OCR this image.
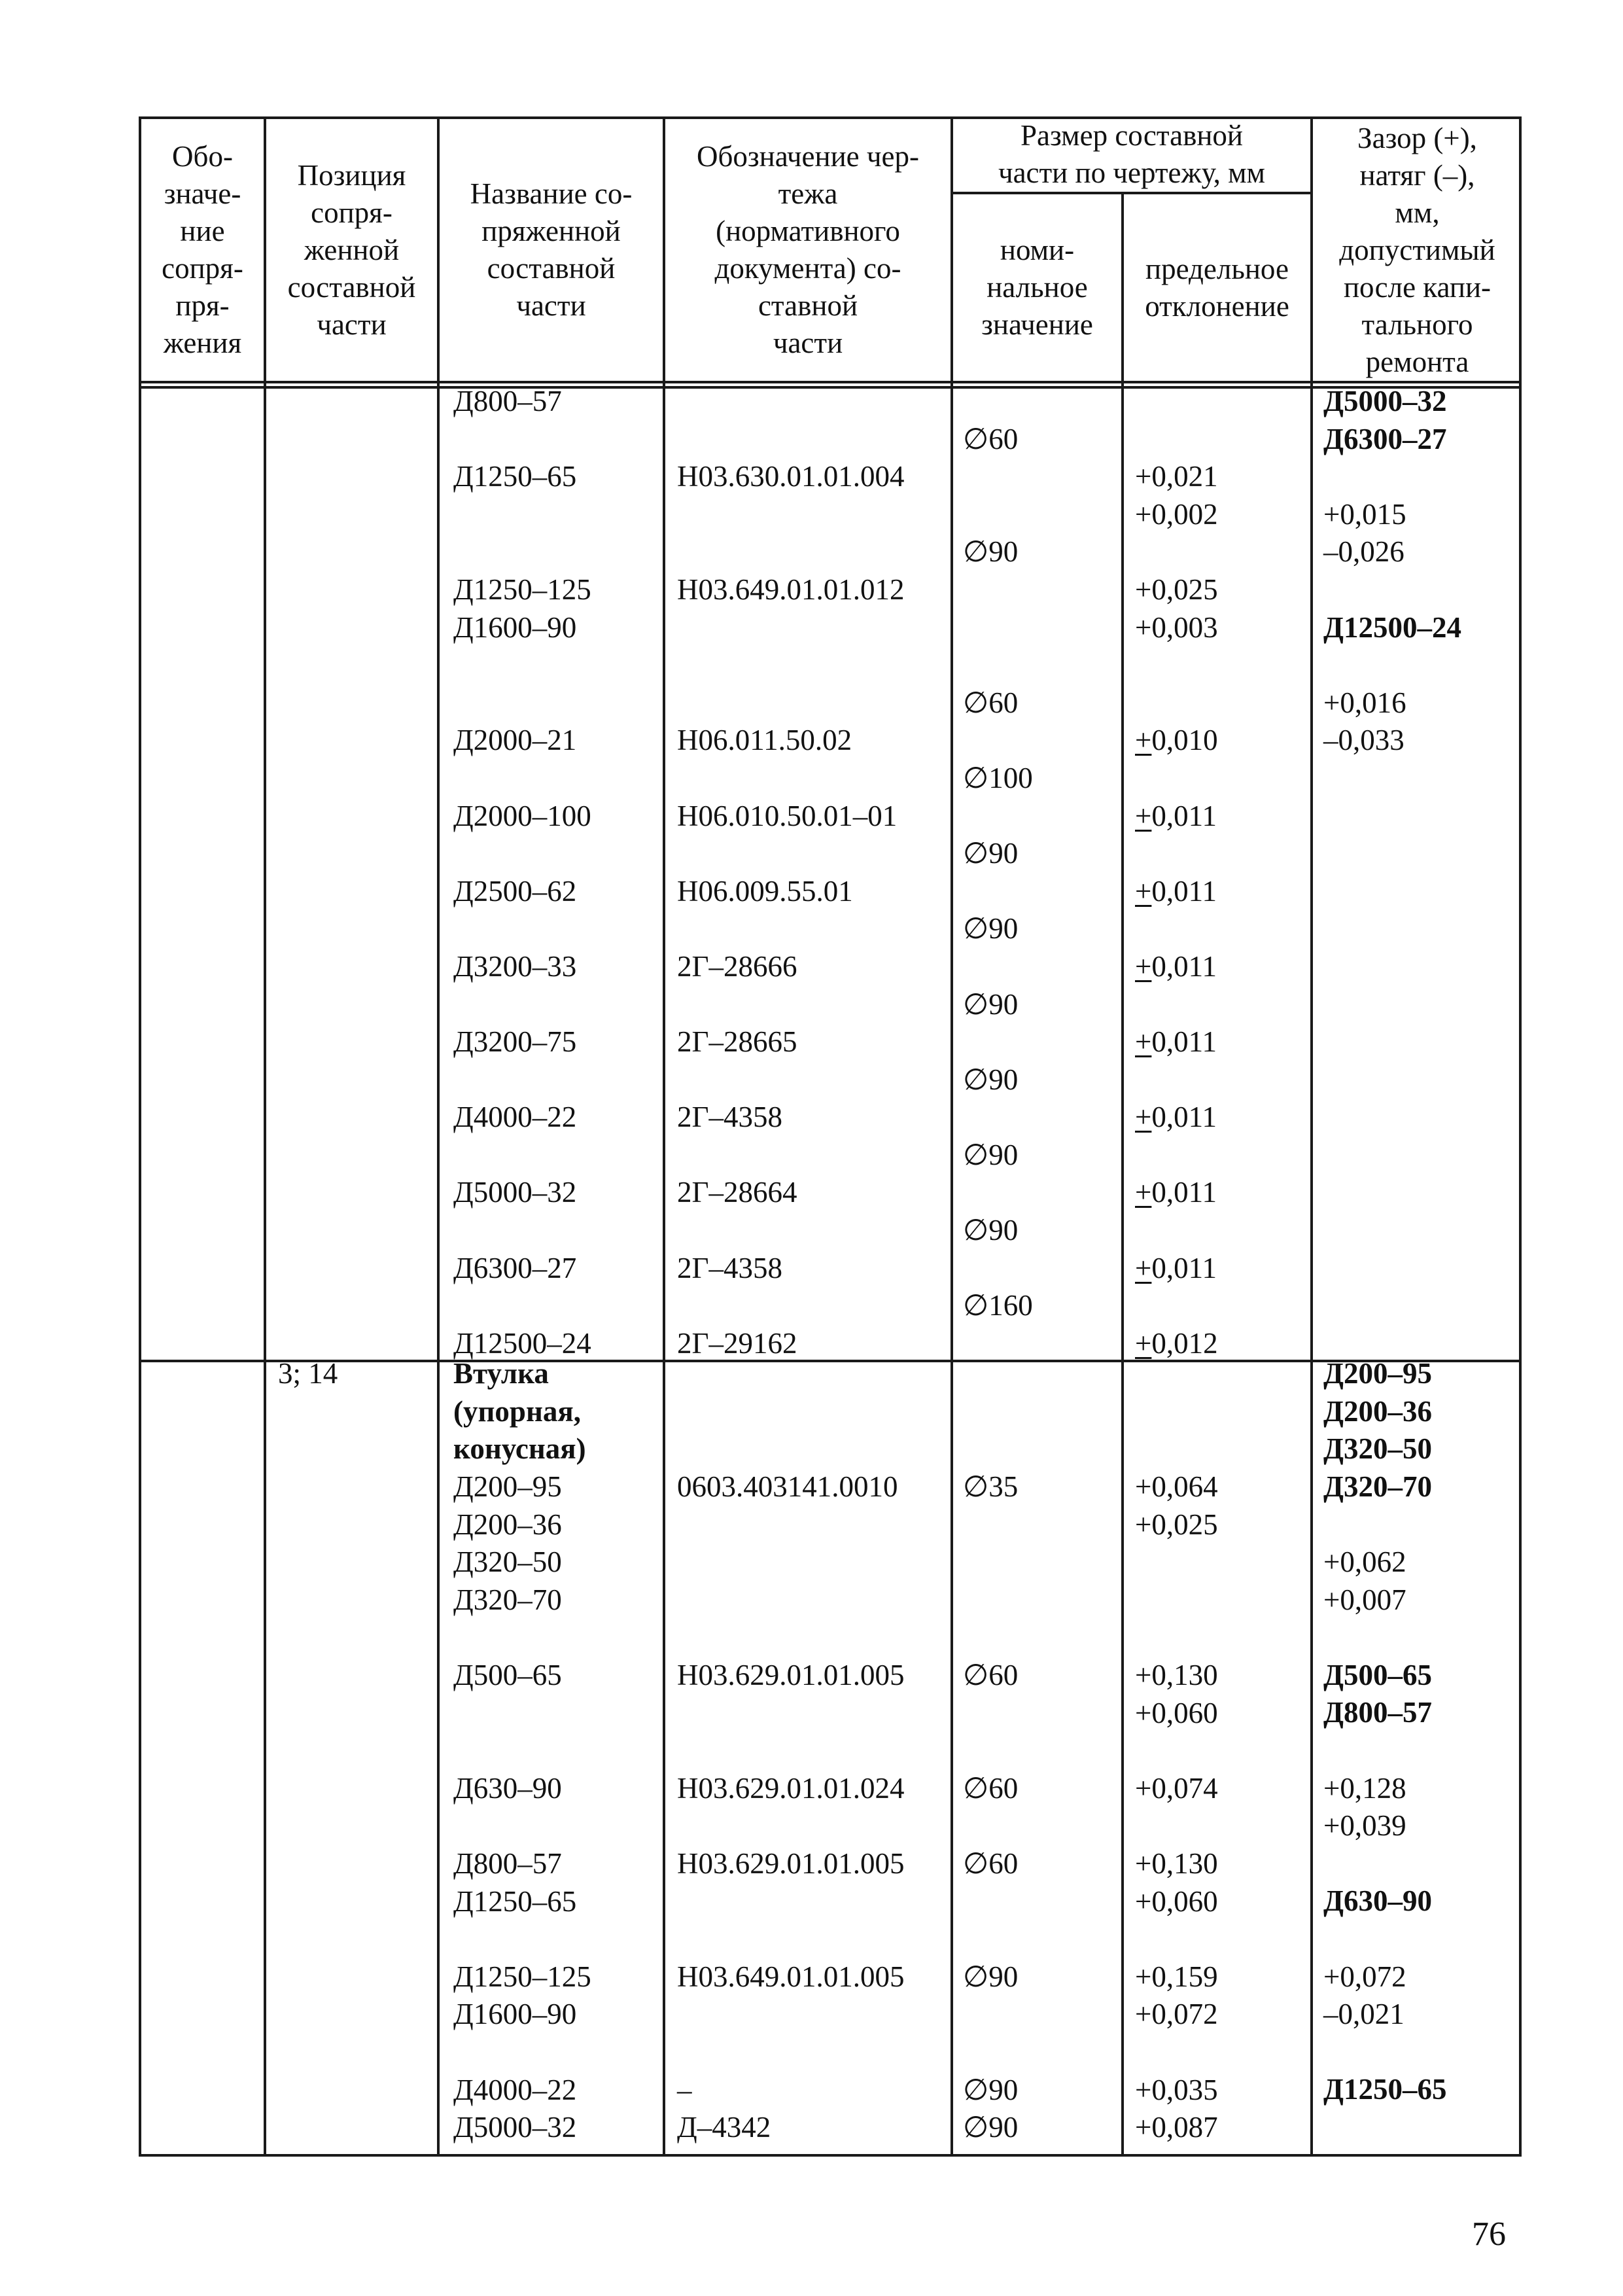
Обо-
значе-
ние
сопря-
пря-
жения
Позиция
сопря-
женной
составной
части
Название со-
пряженной
составной
части
Обозначение чер-
тежа
(нормативного
документа) со-
ставной
части
Размер составной
части по чертежу, мм
номи-
нальное
значение
предельное
отклонение
Зазор (+),
натяг (–),
мм,
допустимый
после капи-
тального
ремонта
Д800–57

Д1250–65

Д1250–125
Д1600–90

Д2000–21

Д2000–100

Д2500–62

Д3200–33

Д3200–75

Д4000–22

Д5000–32

Д6300–27

Д12500–24

Н03.630.01.01.004

Н03.649.01.01.012

Н06.011.50.02

Н06.010.50.01–01

Н06.009.55.01

2Г–28666

2Г–28665

2Г–4358

2Г–28664

2Г–4358

2Г–29162

∅60

∅90

∅60

∅100

∅90

∅90

∅90

∅90

∅90

∅90

∅160

+0,021
+0,002

+0,025
+0,003

+0,010

+0,011

+0,011

+0,011

+0,011

+0,011

+0,011

+0,011

+0,012
Д5000–32
Д6300–27

+0,015
–0,026

Д12500–24

+0,016
–0,033
3; 14	Втулка
(упорная,
конусная)
Д200–95
Д200–36
Д320–50
Д320–70

Д500–65

Д630–90

Д800–57
Д1250–65

Д1250–125
Д1600–90

Д4000–22
Д5000–32
0603.403141.0010

Н03.629.01.01.005

Н03.629.01.01.024

Н03.629.01.01.005

Н03.649.01.01.005

–
Д–4342
∅35

∅60

∅60

∅60

∅90

∅90
∅90
+0,064
+0,025

+0,130
+0,060

+0,074

+0,130
+0,060

+0,159
+0,072

+0,035
+0,087
Д200–95
Д200–36
Д320–50
Д320–70

+0,062
+0,007

Д500–65
Д800–57

+0,128
+0,039

Д630–90

+0,072
–0,021

Д1250–65
76
